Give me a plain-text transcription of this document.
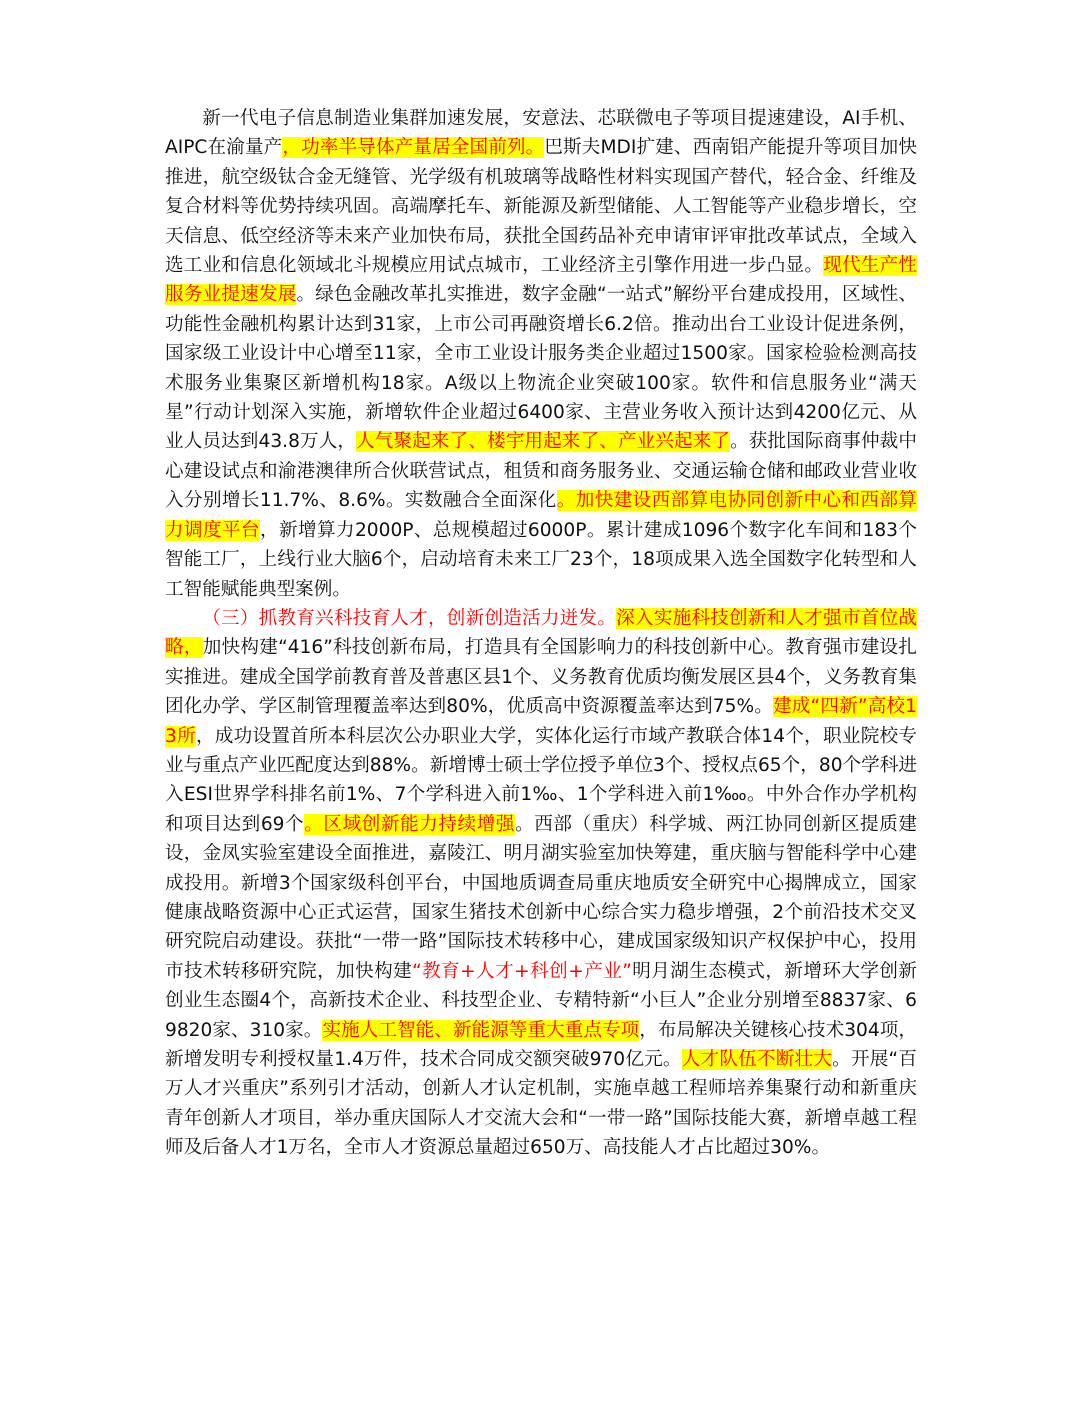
新一代电子信息制造业集群加速发展，安意法、芯联微电子等项目提速建设，AI手机、AIPC在渝量产，功率半导体产量居全国前列。巴斯夫MDI扩建、西南铝产能提升等项目加快推进，航空级钛合金无缝管、光学级有机玻璃等战略性材料实现国产替代，轻合金、纤维及复合材料等优势持续巩固。高端摩托车、新能源及新型储能、人工智能等产业稳步增长，空天信息、低空经济等未来产业加快布局，获批全国药品补充申请审评审批改革试点，全域入选工业和信息化领域北斗规模应用试点城市，工业经济主引擎作用进一步凸显。现代生产性服务业提速发展。绿色金融改革扎实推进，数字金融“一站式”解纷平台建成投用，区域性、功能性金融机构累计达到31家，上市公司再融资增长6.2倍。推动出台工业设计促进条例，国家级工业设计中心增至11家，全市工业设计服务类企业超过1500家。国家检验检测高技术服务业集聚区新增机构18家。A级以上物流企业突破100家。软件和信息服务业“满天星”行动计划深入实施，新增软件企业超过6400家、主营业务收入预计达到4200亿元、从业人员达到43.8万人，人气聚起来了、楼宇用起来了、产业兴起来了。获批国际商事仲裁中心建设试点和渝港澳律所合伙联营试点，租赁和商务服务业、交通运输仓储和邮政业营业收入分别增长11.7%、8.6%。实数融合全面深化。加快建设西部算电协同创新中心和西部算力调度平台，新增算力2000P、总规模超过6000P。累计建成1096个数字化车间和183个智能工厂，上线行业大脑6个，启动培育未来工厂23个，18项成果入选全国数字化转型和人工智能赋能典型案例。

（三）抓教育兴科技育人才，创新创造活力迸发。深入实施科技创新和人才强市首位战略，加快构建“416”科技创新布局，打造具有全国影响力的科技创新中心。教育强市建设扎实推进。建成全国学前教育普及普惠区县1个、义务教育优质均衡发展区县4个，义务教育集团化办学、学区制管理覆盖率达到80%，优质高中资源覆盖率达到75%。建成“四新”高校13所，成功设置首所本科层次公办职业大学，实体化运行市域产教联合体14个，职业院校专业与重点产业匹配度达到88%。新增博士硕士学位授予单位3个、授权点65个，80个学科进入ESI世界学科排名前1%、7个学科进入前1‰、1个学科进入前1‱。中外合作办学机构和项目达到69个。区域创新能力持续增强。西部（重庆）科学城、两江协同创新区提质建设，金凤实验室建设全面推进，嘉陵江、明月湖实验室加快筹建，重庆脑与智能科学中心建成投用。新增3个国家级科创平台，中国地质调查局重庆地质安全研究中心揭牌成立，国家健康战略资源中心正式运营，国家生猪技术创新中心综合实力稳步增强，2个前沿技术交叉研究院启动建设。获批“一带一路”国际技术转移中心，建成国家级知识产权保护中心，投用市技术转移研究院，加快构建“教育+人才+科创+产业”明月湖生态模式，新增环大学创新创业生态圈4个，高新技术企业、科技型企业、专精特新“小巨人”企业分别增至8837家、69820家、310家。实施人工智能、新能源等重大重点专项，布局解决关键核心技术304项，新增发明专利授权量1.4万件，技术合同成交额突破970亿元。人才队伍不断壮大。开展“百万人才兴重庆”系列引才活动，创新人才认定机制，实施卓越工程师培养集聚行动和新重庆青年创新人才项目，举办重庆国际人才交流大会和“一带一路”国际技能大赛，新增卓越工程师及后备人才1万名，全市人才资源总量超过650万、高技能人才占比超过30%。
